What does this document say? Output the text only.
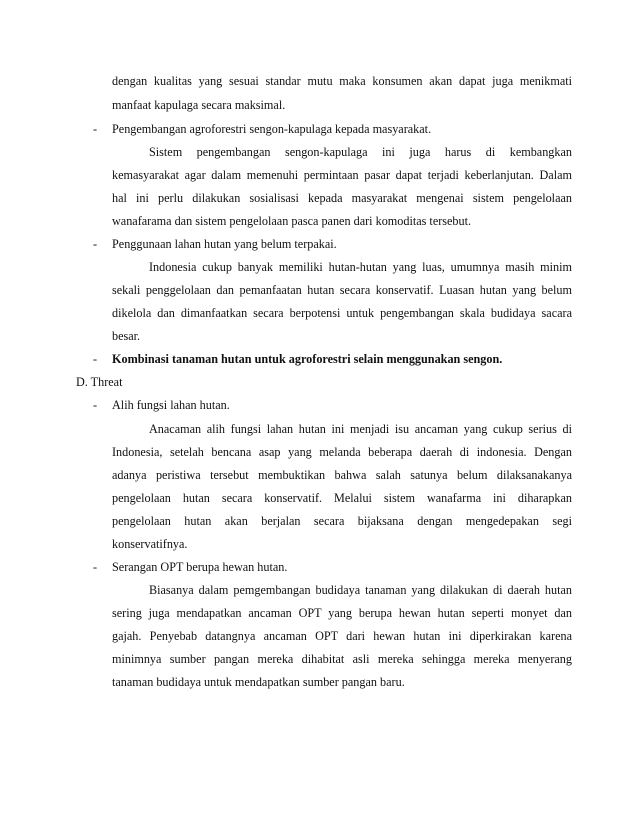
dengan kualitas yang sesuai standar mutu maka konsumen akan dapat juga menikmati
manfaat kapulaga secara maksimal.
- Pengembangan agroforestri sengon-kapulaga kepada masyarakat.
Sistem pengembangan sengon-kapulaga ini juga harus di kembangkan
kemasyarakat agar dalam memenuhi permintaan pasar dapat terjadi keberlanjutan. Dalam
hal ini perlu dilakukan sosialisasi kepada masyarakat mengenai sistem pengelolaan
wanafarama dan sistem pengelolaan pasca panen dari komoditas tersebut.
- Penggunaan lahan hutan yang belum terpakai.
Indonesia cukup banyak memiliki hutan-hutan yang luas, umumnya masih minim
sekali penggelolaan dan pemanfaatan hutan secara konservatif. Luasan hutan yang belum
dikelola dan dimanfaatkan secara berpotensi untuk pengembangan skala budidaya sacara
besar.
- Kombinasi tanaman hutan untuk agroforestri selain menggunakan sengon.
D. Threat
- Alih fungsi lahan hutan.
Anacaman alih fungsi lahan hutan ini menjadi isu ancaman yang cukup serius di
Indonesia, setelah bencana asap yang melanda beberapa daerah di indonesia. Dengan
adanya peristiwa tersebut membuktikan bahwa salah satunya belum dilaksanakanya
pengelolaan hutan secara konservatif. Melalui sistem wanafarma ini diharapkan
pengelolaan hutan akan berjalan secara bijaksana dengan mengedepakan segi
konservatifnya.
- Serangan OPT berupa hewan hutan.
Biasanya dalam pemgembangan budidaya tanaman yang dilakukan di daerah hutan
sering juga mendapatkan ancaman OPT yang berupa hewan hutan seperti monyet dan
gajah. Penyebab datangnya ancaman OPT dari hewan hutan ini diperkirakan karena
minimnya sumber pangan mereka dihabitat asli mereka sehingga mereka menyerang
tanaman budidaya untuk mendapatkan sumber pangan baru.
